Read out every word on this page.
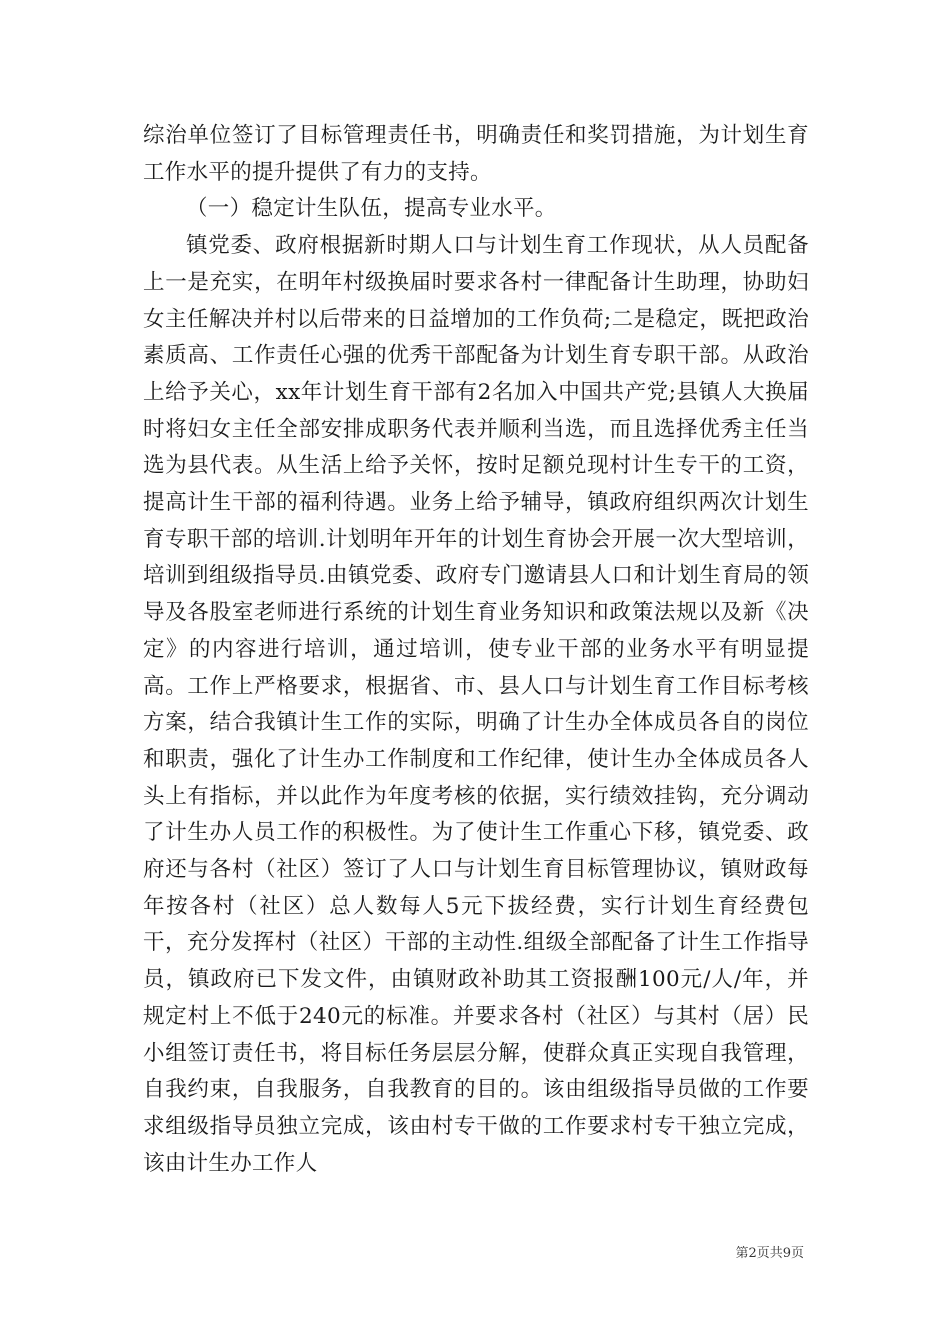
综治单位签订了目标管理责任书，明确责任和奖罚措施，为计划生育工作水平的提升提供了有力的支持。

（一）稳定计生队伍，提高专业水平。

镇党委、政府根据新时期人口与计划生育工作现状，从人员配备上一是充实，在明年村级换届时要求各村一律配备计生助理，协助妇女主任解决并村以后带来的日益增加的工作负荷;二是稳定，既把政治素质高、工作责任心强的优秀干部配备为计划生育专职干部。从政治上给予关心，xx年计划生育干部有2名加入中国共产党;县镇人大换届时将妇女主任全部安排成职务代表并顺利当选，而且选择优秀主任当选为县代表。从生活上给予关怀，按时足额兑现村计生专干的工资，提高计生干部的福利待遇。业务上给予辅导，镇政府组织两次计划生育专职干部的培训.计划明年开年的计划生育协会开展一次大型培训，培训到组级指导员.由镇党委、政府专门邀请县人口和计划生育局的领导及各股室老师进行系统的计划生育业务知识和政策法规以及新《决定》的内容进行培训，通过培训，使专业干部的业务水平有明显提高。工作上严格要求，根据省、市、县人口与计划生育工作目标考核方案，结合我镇计生工作的实际，明确了计生办全体成员各自的岗位和职责，强化了计生办工作制度和工作纪律，使计生办全体成员各人头上有指标，并以此作为年度考核的依据，实行绩效挂钩，充分调动了计生办人员工作的积极性。为了使计生工作重心下移，镇党委、政府还与各村（社区）签订了人口与计划生育目标管理协议，镇财政每年按各村（社区）总人数每人5元下拔经费，实行计划生育经费包干，充分发挥村（社区）干部的主动性.组级全部配备了计生工作指导员，镇政府已下发文件，由镇财政补助其工资报酬100元/人/年，并规定村上不低于240元的标准。并要求各村（社区）与其村（居）民小组签订责任书，将目标任务层层分解，使群众真正实现自我管理，自我约束，自我服务，自我教育的目的。该由组级指导员做的工作要求组级指导员独立完成，该由村专干做的工作要求村专干独立完成，该由计生办工作人

第2页共9页
